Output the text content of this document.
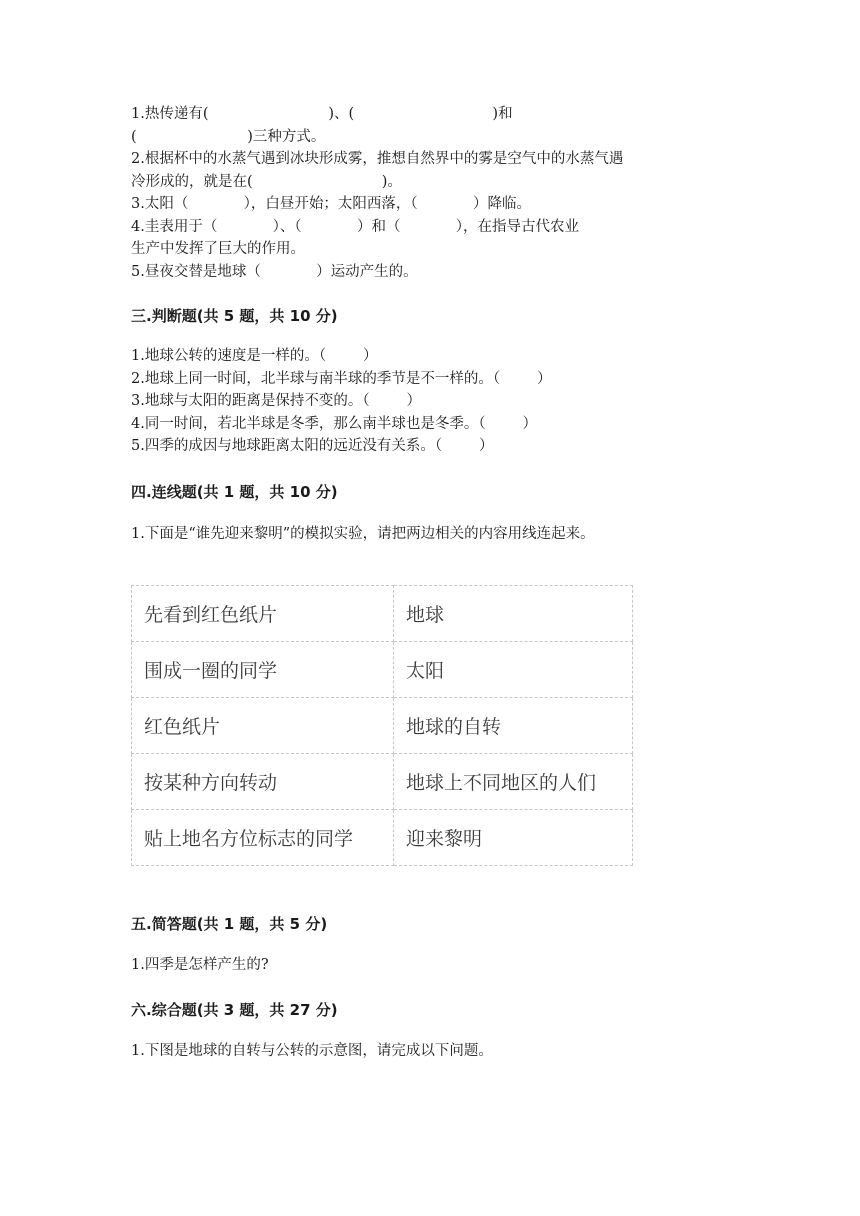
1.热传递有(                          )、(                              )和
(                        )三种方式。
2.根据杯中的水蒸气遇到冰块形成雾，推想自然界中的雾是空气中的水蒸气遇
冷形成的，就是在(                            )。
3.太阳（            ），白昼开始；太阳西落，（            ）降临。
4.圭表用于（            ）、（            ）和（            ），在指导古代农业
生产中发挥了巨大的作用。
5.昼夜交替是地球（            ）运动产生的。
三.判断题(共 5 题，共 10 分)
1.地球公转的速度是一样的。（        ）
2.地球上同一时间，北半球与南半球的季节是不一样的。（        ）
3.地球与太阳的距离是保持不变的。（        ）
4.同一时间，若北半球是冬季，那么南半球也是冬季。（        ）
5.四季的成因与地球距离太阳的远近没有关系。（        ）
四.连线题(共 1 题，共 10 分)
1.下面是“谁先迎来黎明”的模拟实验，请把两边相关的内容用线连起来。
先看到红色纸片	地球
围成一圈的同学	太阳
红色纸片	地球的自转
按某种方向转动	地球上不同地区的人们
贴上地名方位标志的同学	迎来黎明
五.简答题(共 1 题，共 5 分)
1.四季是怎样产生的?
六.综合题(共 3 题，共 27 分)
1.下图是地球的自转与公转的示意图，请完成以下问题。
